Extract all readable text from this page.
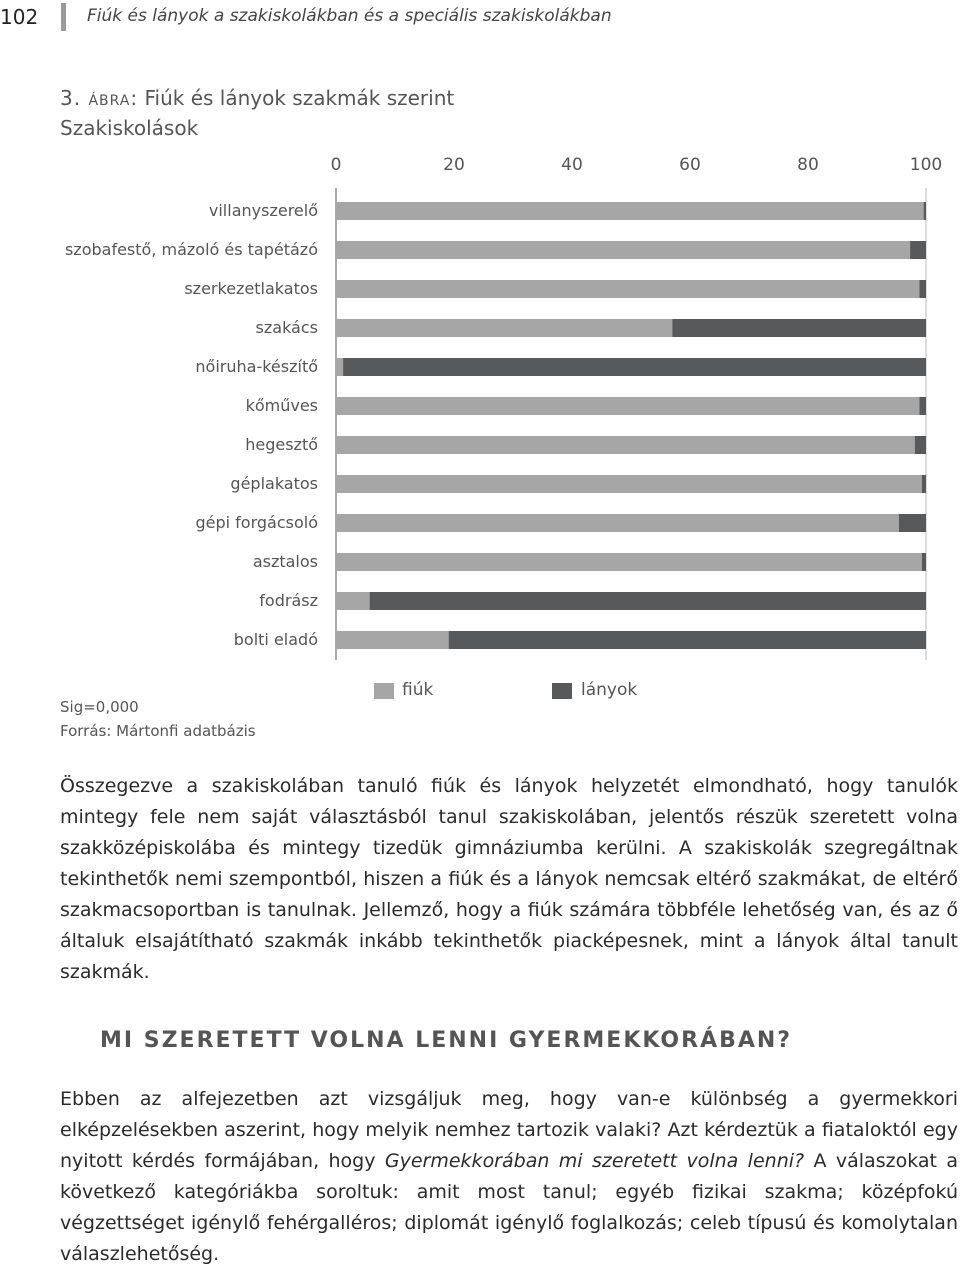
102	Fiúk és lányok a szakiskolákban és a speciális szakiskolákban
3. ábra: Fiúk és lányok szakmák szerint
Szakiskolások
0	20	40	60	80	100
villanyszerelő
szobafestő, mázoló és tapétázó
szerkezetlakatos
szakács
nőiruha-készítő
kőműves
hegesztő
géplakatos
gépi forgácsoló
asztalos
fodrász
bolti eladó
fiúk	lányok
Sig=0,000
Forrás: Mártonfi adatbázis
Összegezve a szakiskolában tanuló fiúk és lányok helyzetét elmondható, hogy tanulók mintegy fele nem saját választásból tanul szakiskolában, jelentős részük szeretett volna szakközépiskolába és mintegy tizedük gimnáziumba kerülni. A szakiskolák szegregáltnak tekinthetők nemi szempontból, hiszen a fiúk és a lányok nemcsak eltérő szakmákat, de eltérő szakmacsoportban is tanulnak. Jellemző, hogy a fiúk számára többféle lehetőség van, és az ő általuk elsajátítható szakmák inkább tekinthetők piacképesnek, mint a lányok által tanult szakmák.
MI SZERETETT VOLNA LENNI GYERMEKKORÁBAN?
Ebben az alfejezetben azt vizsgáljuk meg, hogy van-e különbség a gyermekkori elképzelésekben aszerint, hogy melyik nemhez tartozik valaki? Azt kérdeztük a fiataloktól egy nyitott kérdés formájában, hogy Gyermekkorában mi szeretett volna lenni? A válaszokat a következő kategóriákba soroltuk: amit most tanul; egyéb fizikai szakma; középfokú végzettséget igénylő fehérgalléros; diplomát igénylő foglalkozás; celeb típusú és komolytalan válaszlehetőség.
